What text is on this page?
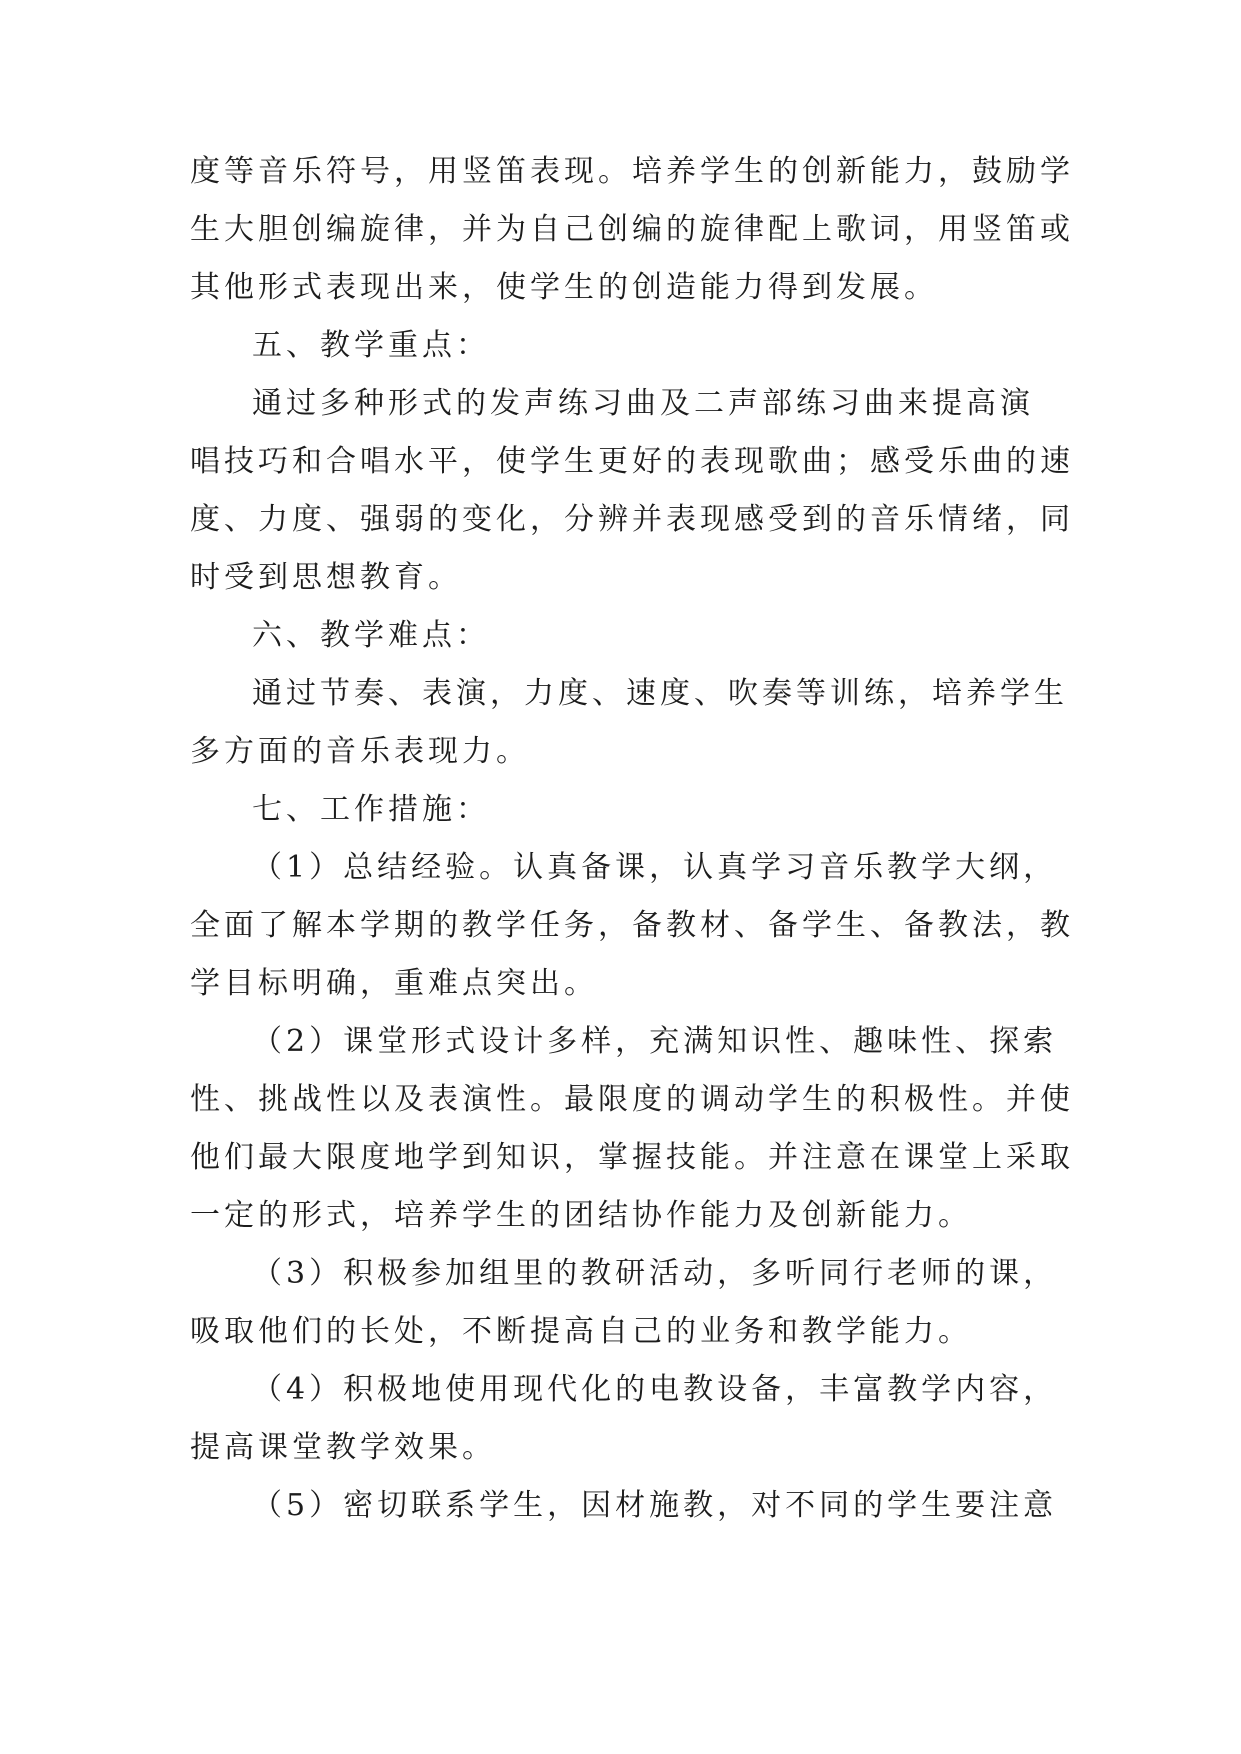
度等音乐符号，用竖笛表现。培养学生的创新能力，鼓励学
生大胆创编旋律，并为自己创编的旋律配上歌词，用竖笛或
其他形式表现出来，使学生的创造能力得到发展。
五、教学重点：
通过多种形式的发声练习曲及二声部练习曲来提高演
唱技巧和合唱水平，使学生更好的表现歌曲；感受乐曲的速
度、力度、强弱的变化，分辨并表现感受到的音乐情绪，同
时受到思想教育。
六、教学难点：
通过节奏、表演，力度、速度、吹奏等训练，培养学生
多方面的音乐表现力。
七、工作措施：
（1）总结经验。认真备课，认真学习音乐教学大纲，
全面了解本学期的教学任务，备教材、备学生、备教法，教
学目标明确，重难点突出。
（2）课堂形式设计多样，充满知识性、趣味性、探索
性、挑战性以及表演性。最限度的调动学生的积极性。并使
他们最大限度地学到知识，掌握技能。并注意在课堂上采取
一定的形式，培养学生的团结协作能力及创新能力。
（3）积极参加组里的教研活动，多听同行老师的课，
吸取他们的长处，不断提高自己的业务和教学能力。
（4）积极地使用现代化的电教设备，丰富教学内容，
提高课堂教学效果。
（5）密切联系学生，因材施教，对不同的学生要注意
